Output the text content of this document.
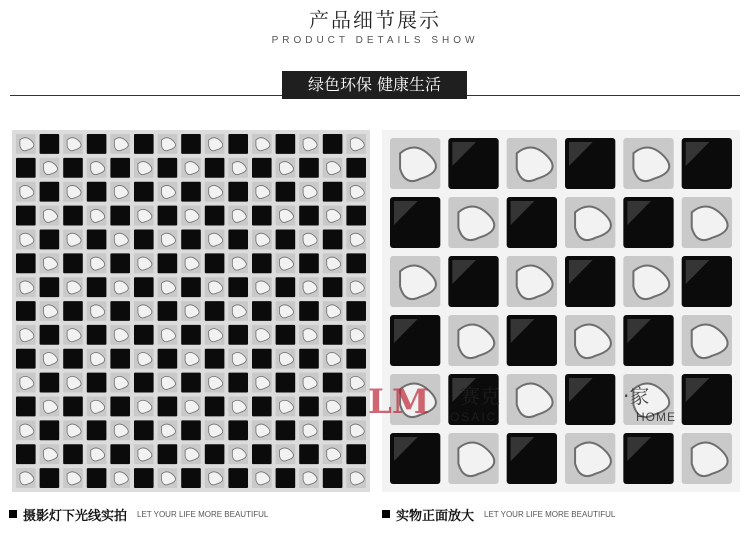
产品细节展示
PRODUCT DETAILS SHOW
绿色环保 健康生活
LM 赛克	·家
OSAIC	HOME
摄影灯下光线实拍 LET YOUR LIFE MORE BEAUTIFUL	实物正面放大 LET YOUR LIFE MORE BEAUTIFUL
